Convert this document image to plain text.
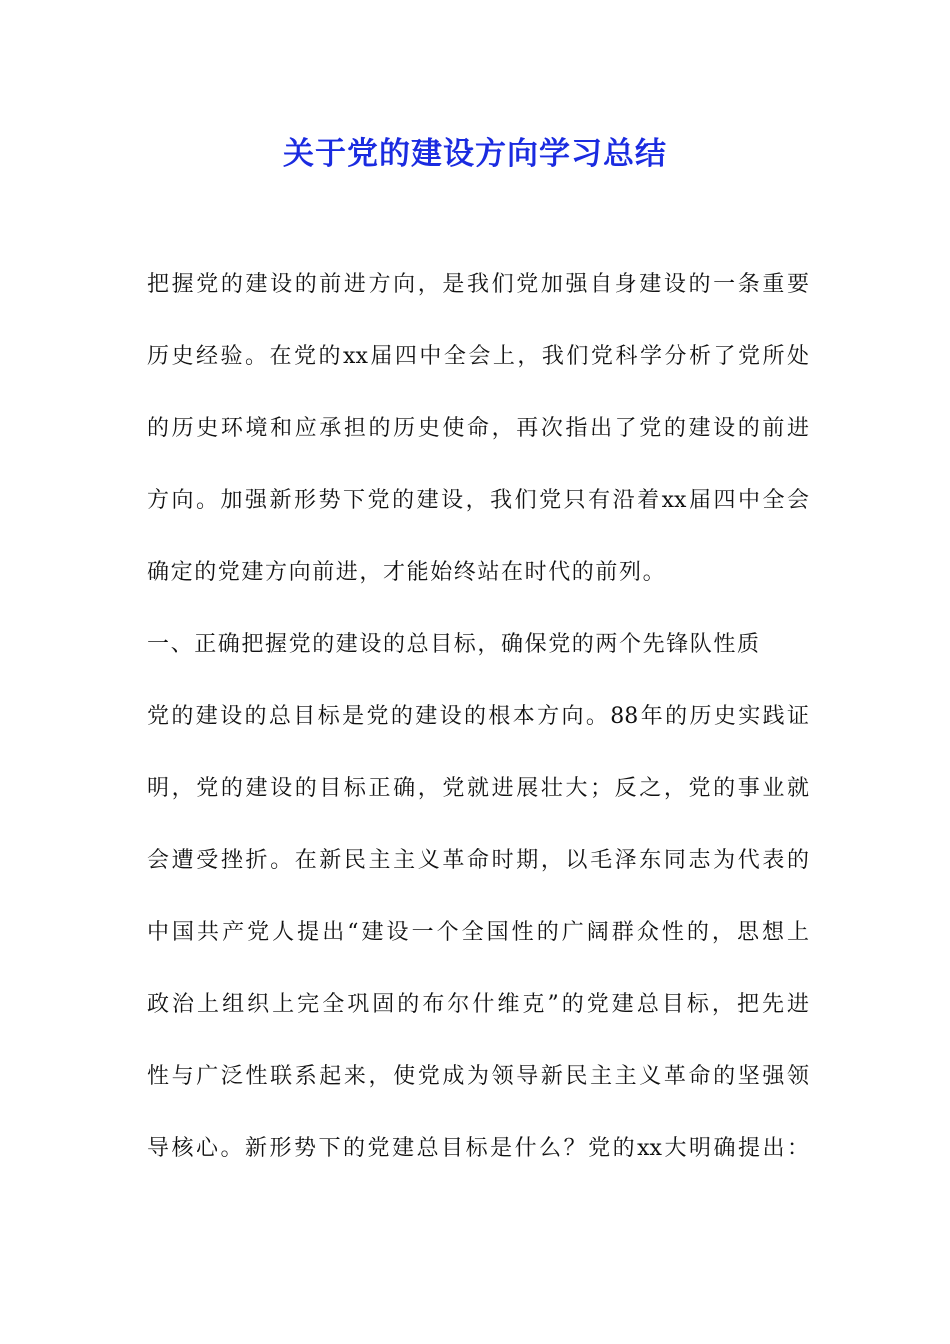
关于党的建设方向学习总结
把握党的建设的前进方向，是我们党加强自身建设的一条重要
历史经验。在党的xx届四中全会上，我们党科学分析了党所处
的历史环境和应承担的历史使命，再次指出了党的建设的前进
方向。加强新形势下党的建设，我们党只有沿着xx届四中全会
确定的党建方向前进，才能始终站在时代的前列。
一、正确把握党的建设的总目标，确保党的两个先锋队性质
党的建设的总目标是党的建设的根本方向。88年的历史实践证
明，党的建设的目标正确，党就进展壮大；反之，党的事业就
会遭受挫折。在新民主主义革命时期，以毛泽东同志为代表的
中国共产党人提出“建设一个全国性的广阔群众性的，思想上
政治上组织上完全巩固的布尔什维克”的党建总目标，把先进
性与广泛性联系起来，使党成为领导新民主主义革命的坚强领
导核心。新形势下的党建总目标是什么？党的xx大明确提出：
